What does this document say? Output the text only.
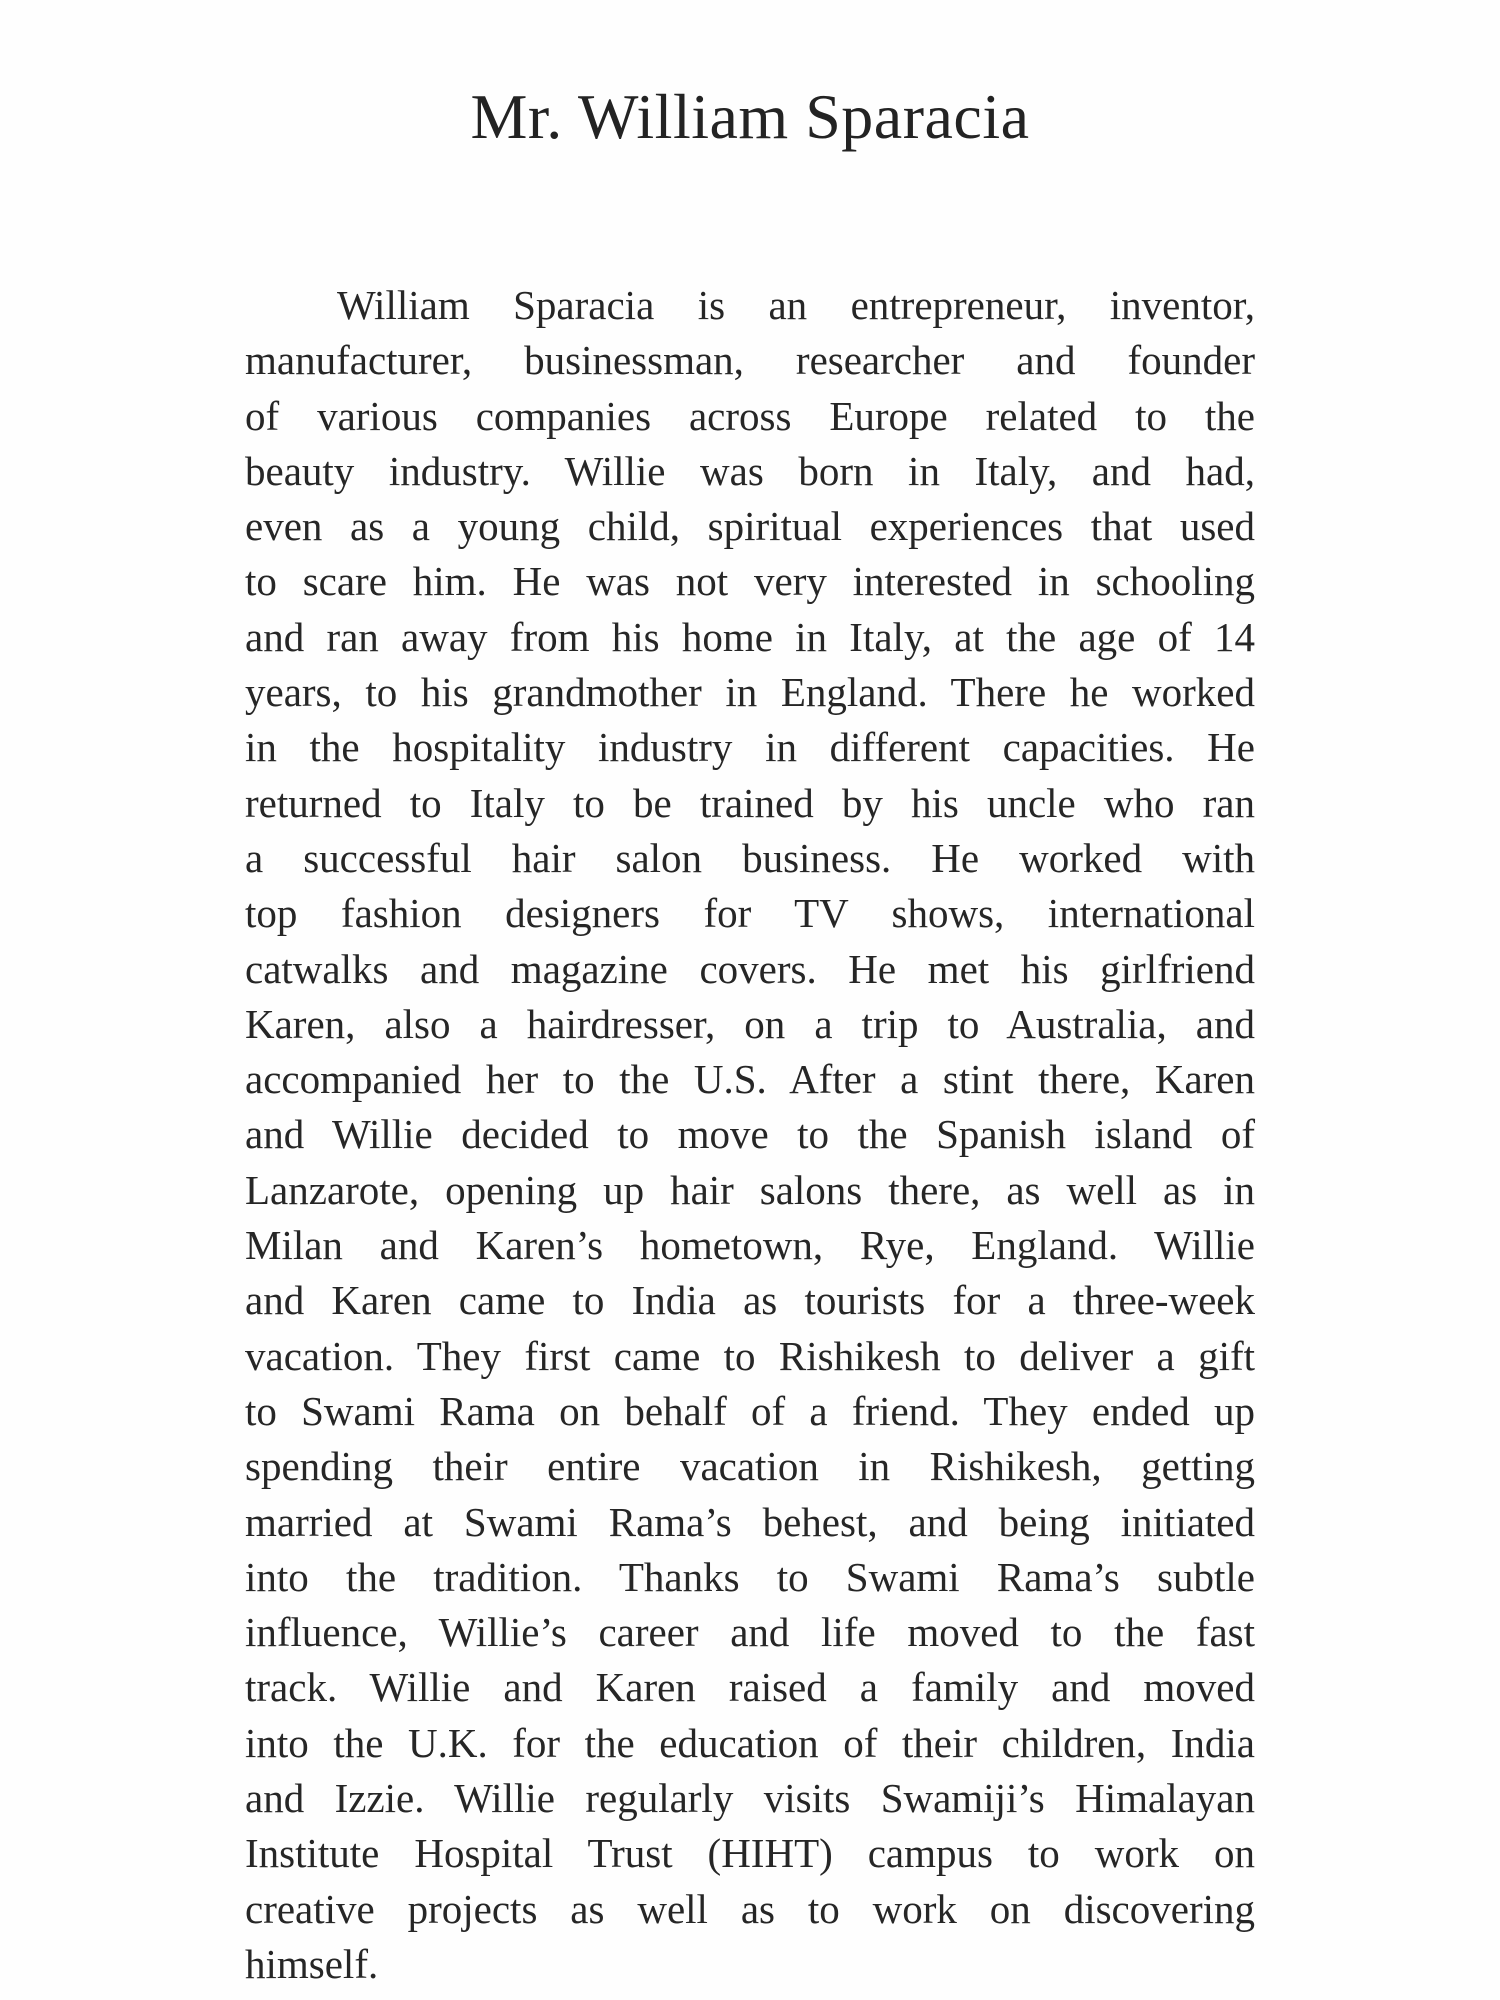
Mr. William Sparacia
William Sparacia is an entrepreneur, inventor,
manufacturer, businessman, researcher and founder
of various companies across Europe related to the
beauty industry. Willie was born in Italy, and had,
even as a young child, spiritual experiences that used
to scare him. He was not very interested in schooling
and ran away from his home in Italy, at the age of 14
years, to his grandmother in England. There he worked
in the hospitality industry in different capacities. He
returned to Italy to be trained by his uncle who ran
a successful hair salon business. He worked with
top fashion designers for TV shows, international
catwalks and magazine covers. He met his girlfriend
Karen, also a hairdresser, on a trip to Australia, and
accompanied her to the U.S. After a stint there, Karen
and Willie decided to move to the Spanish island of
Lanzarote, opening up hair salons there, as well as in
Milan and Karen’s hometown, Rye, England. Willie
and Karen came to India as tourists for a three-week
vacation. They first came to Rishikesh to deliver a gift
to Swami Rama on behalf of a friend. They ended up
spending their entire vacation in Rishikesh, getting
married at Swami Rama’s behest, and being initiated
into the tradition. Thanks to Swami Rama’s subtle
influence, Willie’s career and life moved to the fast
track. Willie and Karen raised a family and moved
into the U.K. for the education of their children, India
and Izzie. Willie regularly visits Swamiji’s Himalayan
Institute Hospital Trust (HIHT) campus to work on
creative projects as well as to work on discovering
himself.
